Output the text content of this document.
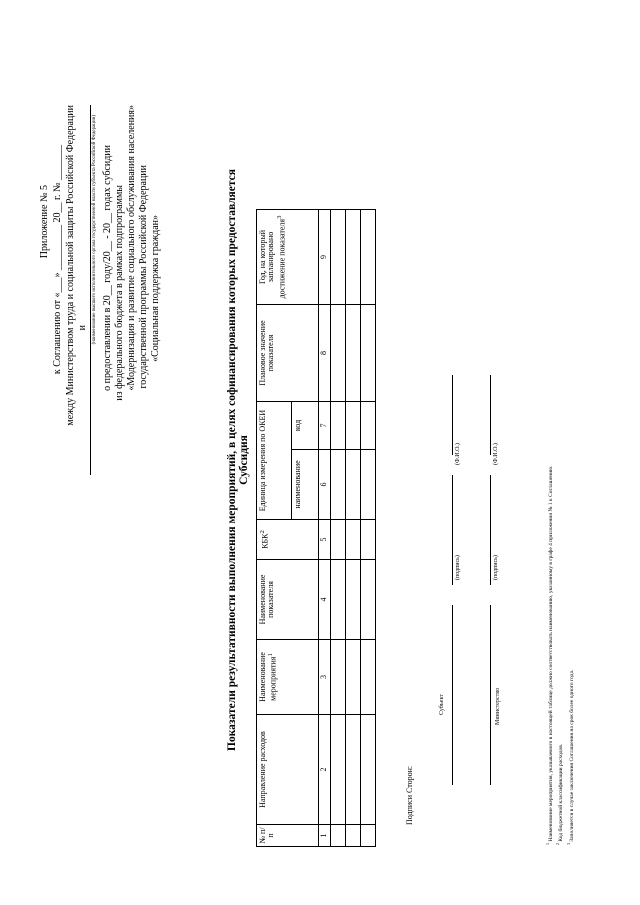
Приложение № 5 к Соглашению от «___» _________ 20__ г. № _______ между Министерством труда и социальной защиты Российской Федерации и (наименование высшего исполнительного органа государственной власти субъекта Российской Федерации) о предоставлении в 20__ году/20__ - 20__ годах субсидии из федерального бюджета в рамках подпрограммы «Модернизация и развитие социального обслуживания населения» государственной программы Российской Федерации «Социальная поддержка граждан»	Показатели результативности выполнения мероприятий, в целях софинансирования которых предоставляется Субсидия
№ п/п	Направление расходов	Наименование мероприятия$^1$	Наименование показателя	КБК$^2$	Единица измерения по ОКЕИ		Плановое значение показателя	Год, на который запланировано достижение показателя$^3$
					наименование	код		
1	2	3	4	5	6	7	8	9

Подписи Сторон:
Субъект
(подпись)
(Ф.И.О.)
Министерство
(подпись)
(Ф.И.О.)
$^1$ Наименование мероприятия, указываемого в настоящей таблице должно соответствовать наименованию, указанному в графе 4 приложения № 1 к Соглашению.
$^2$ Код бюджетной классификации расходов.
$^3$ Заполняется в случае заключения Соглашения на срок более одного года.
